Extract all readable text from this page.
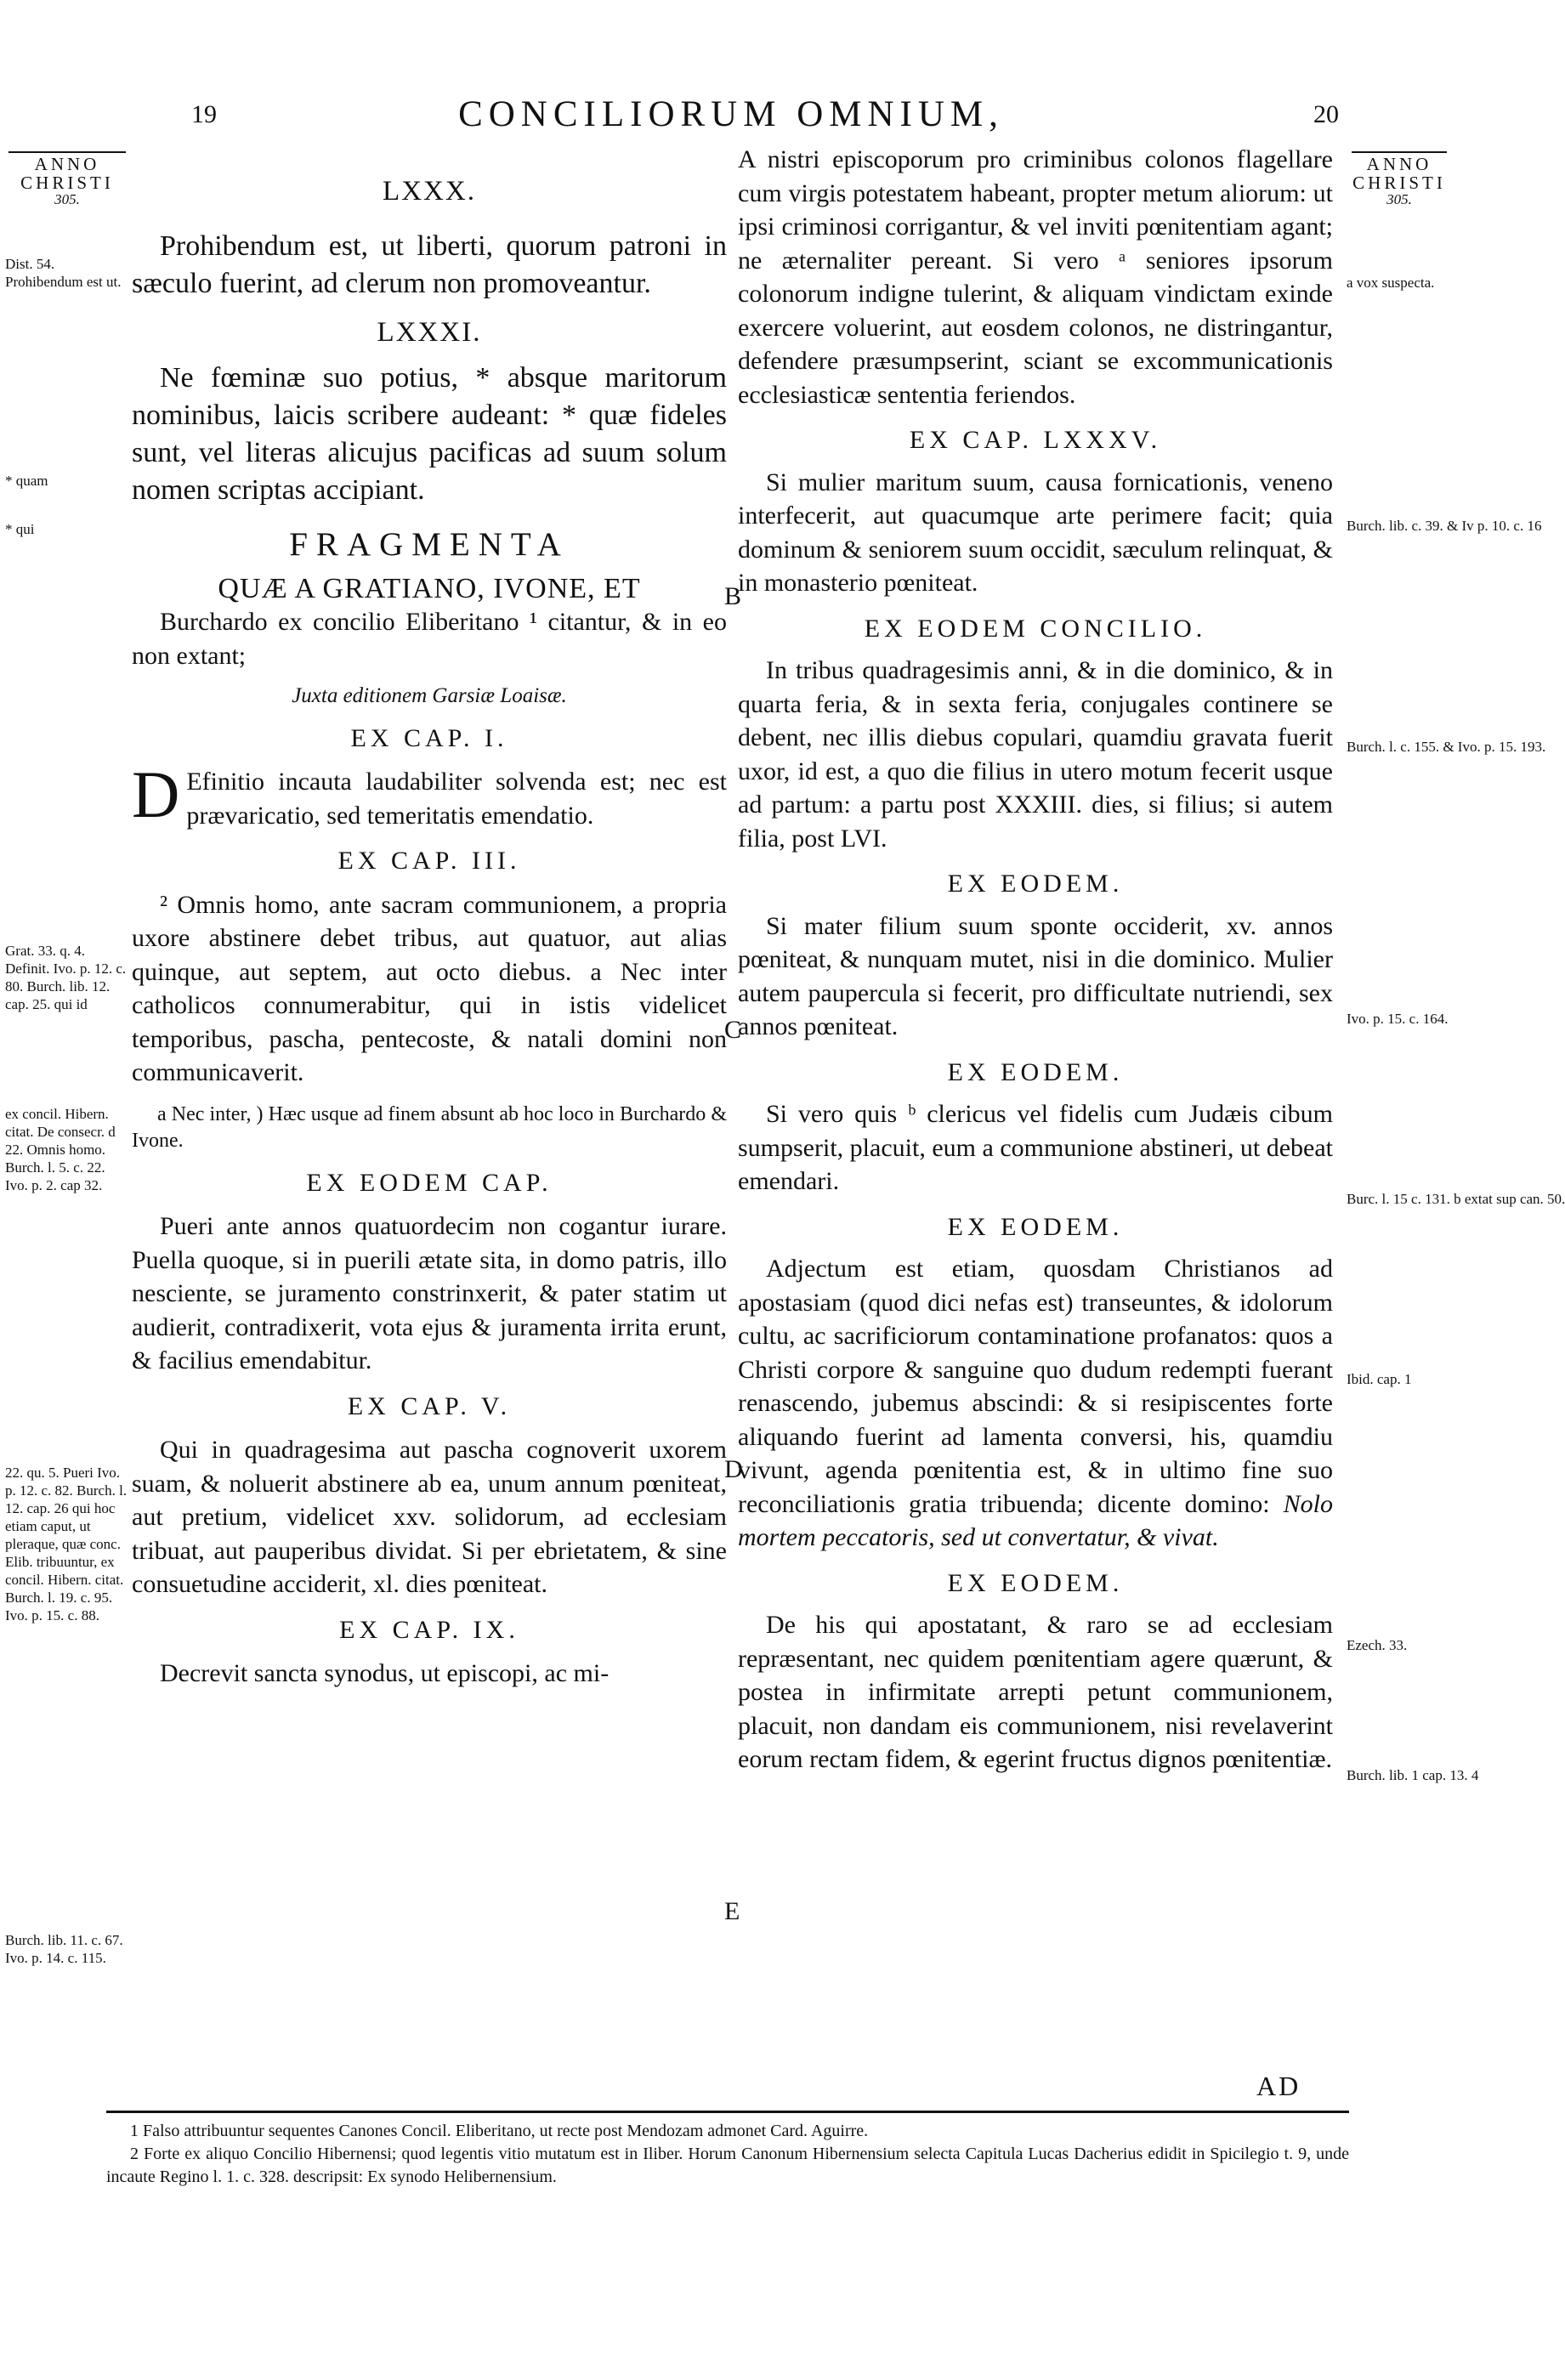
19	CONCILIORUM OMNIUM,	20
ANNO CHRISTI
305.
ANNO CHRISTI
305.
LXXX.
Prohibendum est, ut liberti, quorum patroni in sæculo fuerint, ad clerum non promoveantur.
LXXXI.
Ne fœminæ suo potius, * absque maritorum nominibus, laicis scribere audeant: * quæ fideles sunt, vel literas alicujus pacificas ad suum solum nomen scriptas accipiant.
FRAGMENTA
QUÆ A GRATIANO, IVONE, ET
Burchardo ex concilio Eliberitano ¹ citantur, & in eo non extant;
Juxta editionem Garsiæ Loaisæ.
EX CAP. I.
D Efinitio incauta laudabiliter solvenda est; nec est prævaricatio, sed temeritatis emendatio.
EX CAP. III.
² Omnis homo, ante sacram communionem, a propria uxore abstinere debet tribus, aut quatuor, aut alias quinque, aut septem, aut octo diebus. a Nec inter catholicos connumerabitur, qui in istis videlicet temporibus, pascha, pentecoste, & natali domini non communicaverit.
a Nec inter, ) Hæc usque ad finem absunt ab hoc loco in Burchardo & Ivone.
EX EODEM CAP.
Pueri ante annos quatuordecim non cogantur iurare. Puella quoque, si in puerili ætate sita, in domo patris, illo nesciente, se juramento constrinxerit, & pater statim ut audierit, contradixerit, vota ejus & juramenta irrita erunt, & facilius emendabitur.
EX CAP. V.
Qui in quadragesima aut pascha cognoverit uxorem suam, & noluerit abstinere ab ea, unum annum pœniteat, aut pretium, videlicet xxv. solidorum, ad ecclesiam tribuat, aut pauperibus dividat. Si per ebrietatem, & sine consuetudine acciderit, xl. dies pœniteat.
EX CAP. IX.
Decrevit sancta synodus, ut episcopi, ac mi-
A nistri episcoporum pro criminibus colonos flagellare cum virgis potestatem habeant, propter metum aliorum: ut ipsi criminosi corrigantur, & vel inviti pœnitentiam agant; ne æternaliter pereant. Si vero ᵃ seniores ipsorum colonorum indigne tulerint, & aliquam vindictam exinde exercere voluerint, aut eosdem colonos, ne distringantur, defendere præsumpserint, sciant se excommunicationis ecclesiasticæ sententia feriendos.
EX CAP. LXXXV.
Si mulier maritum suum, causa fornicationis, veneno interfecerit, aut quacumque arte perimere facit; quia dominum & seniorem suum occidit, sæculum relinquat, & in monasterio pœniteat.
EX EODEM CONCILIO.
In tribus quadragesimis anni, & in die dominico, & in quarta feria, & in sexta feria, conjugales continere se debent, nec illis diebus copulari, quamdiu gravata fuerit uxor, id est, a quo die filius in utero motum fecerit usque ad partum: a partu post XXXIII. dies, si filius; si autem filia, post LVI.
EX EODEM.
Si mater filium suum sponte occiderit, xv. annos pœniteat, & nunquam mutet, nisi in die dominico. Mulier autem paupercula si fecerit, pro difficultate nutriendi, sex annos pœniteat.
EX EODEM.
Si vero quis ᵇ clericus vel fidelis cum Judæis cibum sumpserit, placuit, eum a communione abstineri, ut debeat emendari.
EX EODEM.
Adjectum est etiam, quosdam Christianos ad apostasiam (quod dici nefas est) transeuntes, & idolorum cultu, ac sacrificiorum contaminatione profanatos: quos a Christi corpore & sanguine quo dudum redempti fuerant renascendo, jubemus abscindi: & si resipiscentes forte aliquando fuerint ad lamenta conversi, his, quamdiu vivunt, agenda pœnitentia est, & in ultimo fine suo reconciliationis gratia tribuenda; dicente domino: Nolo mortem peccatoris, sed ut convertatur, & vivat.
EX EODEM.
De his qui apostatant, & raro se ad ecclesiam repræsentant, nec quidem pœnitentiam agere quærunt, & postea in infirmitate arrepti petunt communionem, placuit, non dandam eis communionem, nisi revelaverint eorum rectam fidem, & egerint fructus dignos pœnitentiæ.
B
C
D
E
Dist. 54. Prohibendum est ut.
* quam
* qui
Grat. 33. q. 4. Definit. Ivo. p. 12. c. 80. Burch. lib. 12. cap. 25. qui id
ex concil. Hibern. citat. De consecr. d 22. Omnis homo. Burch. l. 5. c. 22. Ivo. p. 2. cap 32.
22. qu. 5. Pueri Ivo. p. 12. c. 82. Burch. l. 12. cap. 26 qui hoc etiam caput, ut pleraque, quæ conc. Elib. tribuuntur, ex concil. Hibern. citat. Burch. l. 19. c. 95. Ivo. p. 15. c. 88.
Burch. lib. 11. c. 67. Ivo. p. 14. c. 115.
a vox suspecta.
Burch. lib. c. 39. & Iv p. 10. c. 16
Burch. l. c. 155. & Ivo. p. 15. 193.
Ivo. p. 15. c. 164.
Burc. l. 15 c. 131. b extat sup can. 50.
Ibid. cap. 1
Ezech. 33.
Burch. lib. 1 cap. 13. 4
AD
1 Falso attribuuntur sequentes Canones Concil. Eliberitano, ut recte post Mendozam admonet Card. Aguirre.
2 Forte ex aliquo Concilio Hibernensi; quod legentis vitio mutatum est in Iliber. Horum Canonum Hibernensium selecta Capitula Lucas Dacherius edidit in Spicilegio t. 9, unde incaute Regino l. 1. c. 328. descripsit: Ex synodo Helibernensium.
